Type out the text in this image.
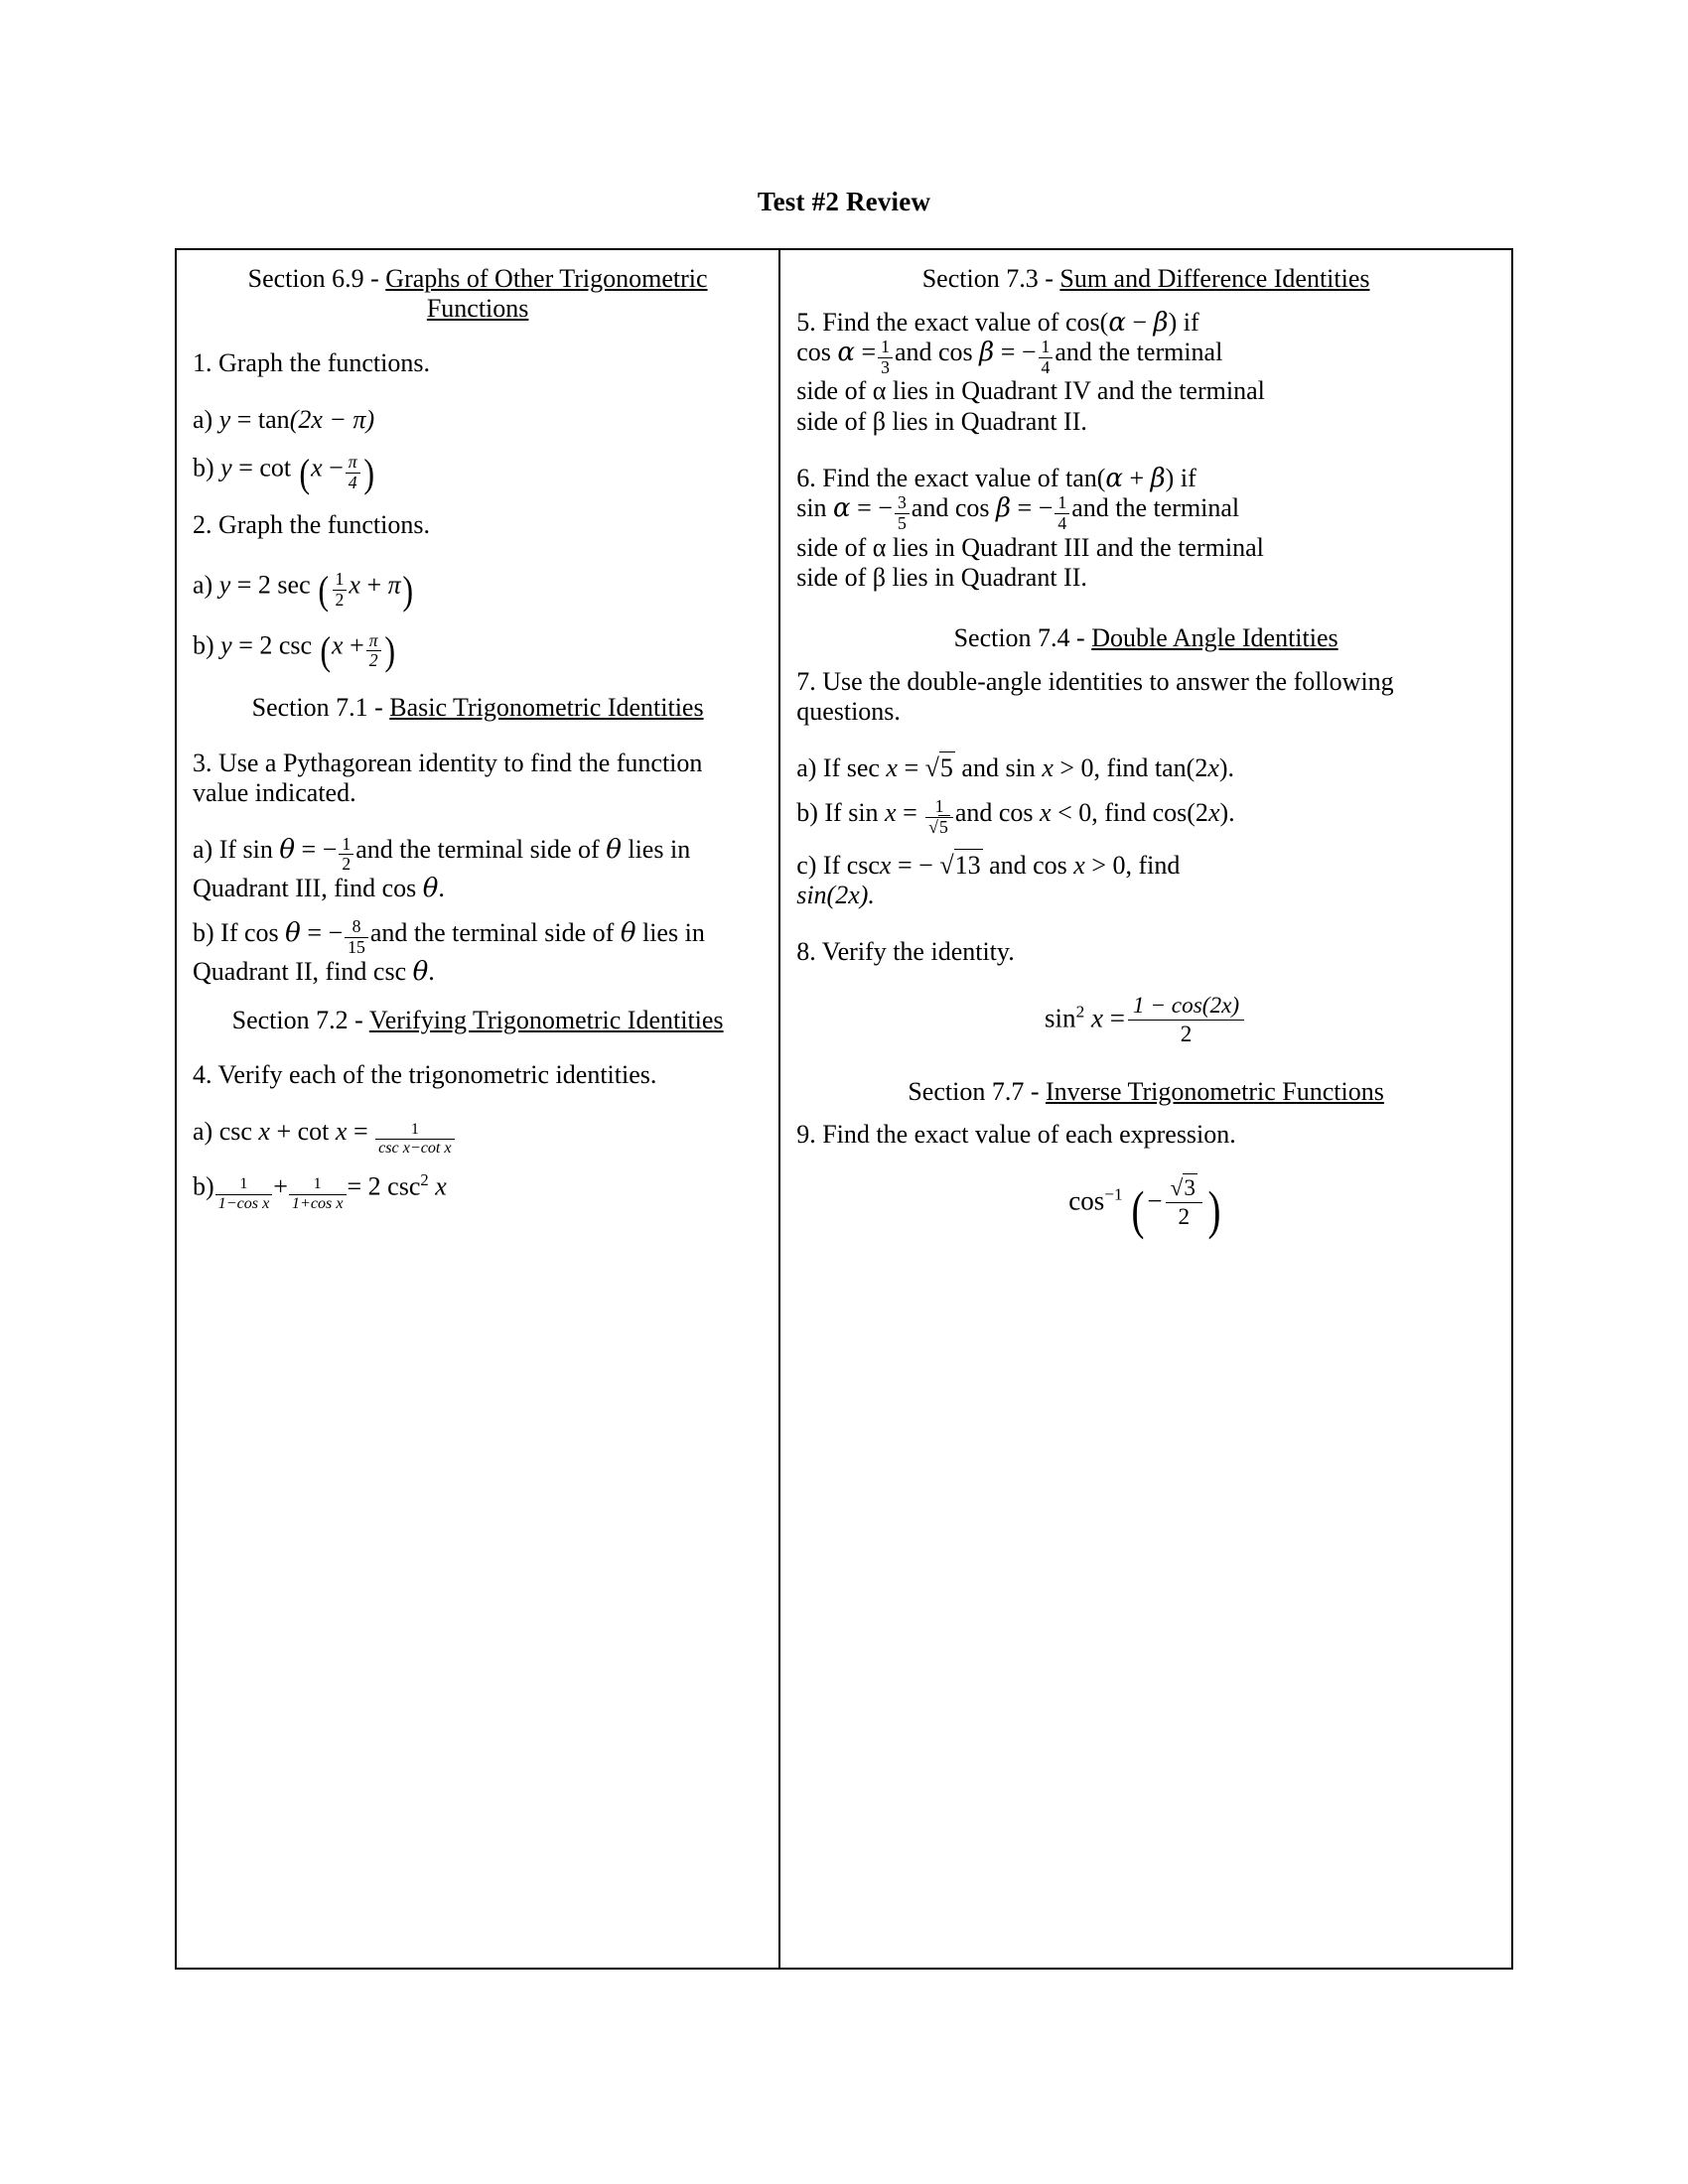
Test #2 Review
Section 6.9 - Graphs of Other Trigonometric Functions
1. Graph the functions.
a) y = tan(2x − π)
b) $y = \cot (x - \frac{\pi}{4}$ )
2. Graph the functions.
a) y = 2 sec ( $\frac{1}{2}$ x + π)
b) y = 2 $\csc (x + \frac{\pi}{2}$ )
Section 7.1 - Basic Trigonometric Identities
3. Use a Pythagorean identity to find the function value indicated.
a) If sin θ = − $\frac{1}{2}$ and the terminal side of θ lies in Quadrant III, find cos θ.
b) If cos θ = − $\frac{8}{15}$ and the terminal side of θ lies in Quadrant II, find csc θ.
Section 7.2 - Verifying Trigonometric Identities
4. Verify each of the trigonometric identities.
a) $\csc x + \cot x = \frac{1}{\text{csc x−cot x}}$
$b) \frac{1}{\text{1−cos x}} + \frac{1}{\text{1+cos x}} = 2$ $\csc^2 x$
Section 7.3 - Sum and Difference Identities
5. Find the exact value of cos(α − β) if
$\cos \alpha = \frac{1}{3}$ and cos β = − $\frac{1}{4}$ and the terminal
side of α lies in Quadrant IV and the terminal
side of β lies in Quadrant II.
6. Find the exact value of tan(α + β) if
sin α = − $\frac{3}{5}$ and cos β = − $\frac{1}{4}$ and the terminal
side of α lies in Quadrant III and the terminal
side of β lies in Quadrant II.
Section 7.4 - Double Angle Identities
7. Use the double-angle identities to answer the following questions.
a) If sec x = √5 and sin x > 0, find tan(2x).
b) If $\sin x = \frac{1}{√5}$ and cos x < 0, find cos(2x).
c) If cscx = − √13 and cos x > 0, find
sin(2x).
8. Verify the identity.
$\sin^2 x = \frac{1 - \cos(2x)}{2}$
Section 7.7 - Inverse Trigonometric Functions
9. Find the exact value of each expression.
$\cos^{-1}$ (− $\frac{√3}{2}$ )
